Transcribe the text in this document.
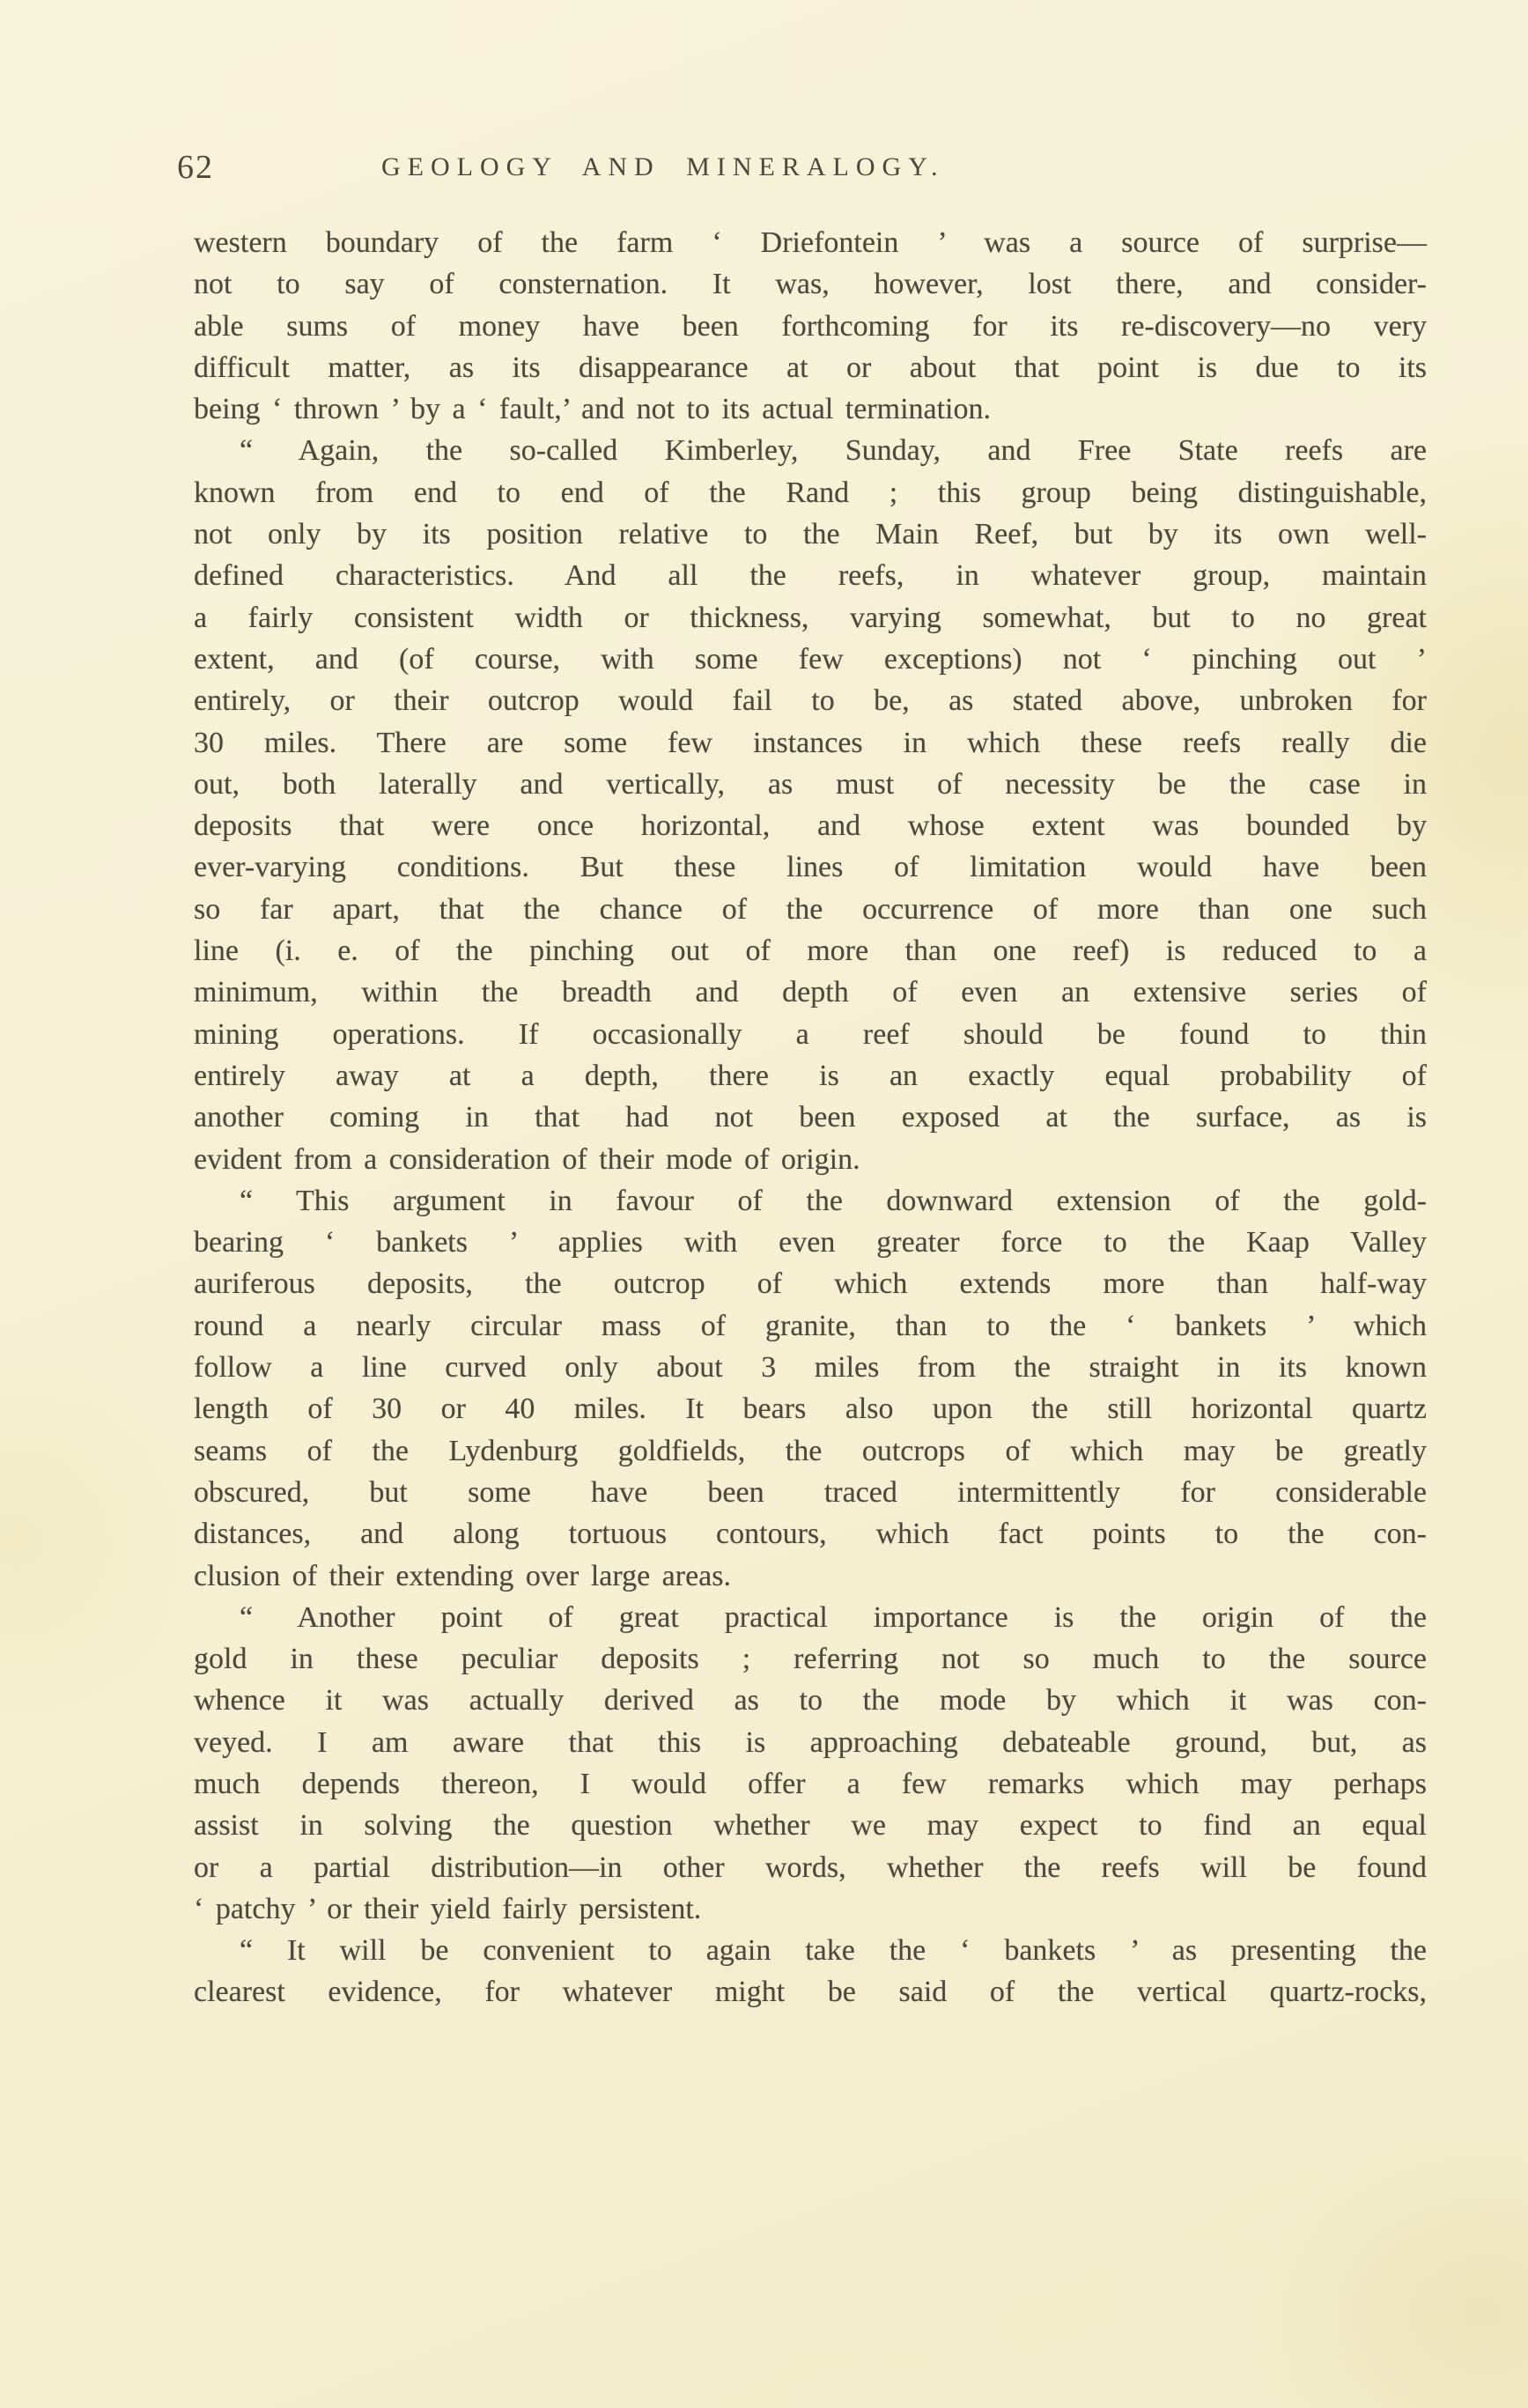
62	GEOLOGY AND MINERALOGY.
western boundary of the farm ‘ Driefontein ’ was a source of surprise—
not to say of consternation. It was, however, lost there, and consider-
able sums of money have been forthcoming for its re-discovery—no very
difficult matter, as its disappearance at or about that point is due to its
being ‘ thrown ’ by a ‘ fault,’ and not to its actual termination.
“ Again, the so-called Kimberley, Sunday, and Free State reefs are
known from end to end of the Rand ; this group being distinguishable,
not only by its position relative to the Main Reef, but by its own well-
defined characteristics. And all the reefs, in whatever group, maintain
a fairly consistent width or thickness, varying somewhat, but to no great
extent, and (of course, with some few exceptions) not ‘ pinching out ’
entirely, or their outcrop would fail to be, as stated above, unbroken for
30 miles. There are some few instances in which these reefs really die
out, both laterally and vertically, as must of necessity be the case in
deposits that were once horizontal, and whose extent was bounded by
ever-varying conditions. But these lines of limitation would have been
so far apart, that the chance of the occurrence of more than one such
line (i. e. of the pinching out of more than one reef) is reduced to a
minimum, within the breadth and depth of even an extensive series of
mining operations. If occasionally a reef should be found to thin
entirely away at a depth, there is an exactly equal probability of
another coming in that had not been exposed at the surface, as is
evident from a consideration of their mode of origin.
“ This argument in favour of the downward extension of the gold-
bearing ‘ bankets ’ applies with even greater force to the Kaap Valley
auriferous deposits, the outcrop of which extends more than half-way
round a nearly circular mass of granite, than to the ‘ bankets ’ which
follow a line curved only about 3 miles from the straight in its known
length of 30 or 40 miles. It bears also upon the still horizontal quartz
seams of the Lydenburg goldfields, the outcrops of which may be greatly
obscured, but some have been traced intermittently for considerable
distances, and along tortuous contours, which fact points to the con-
clusion of their extending over large areas.
“ Another point of great practical importance is the origin of the
gold in these peculiar deposits ; referring not so much to the source
whence it was actually derived as to the mode by which it was con-
veyed. I am aware that this is approaching debateable ground, but, as
much depends thereon, I would offer a few remarks which may perhaps
assist in solving the question whether we may expect to find an equal
or a partial distribution—in other words, whether the reefs will be found
‘ patchy ’ or their yield fairly persistent.
“ It will be convenient to again take the ‘ bankets ’ as presenting the
clearest evidence, for whatever might be said of the vertical quartz-rocks,
